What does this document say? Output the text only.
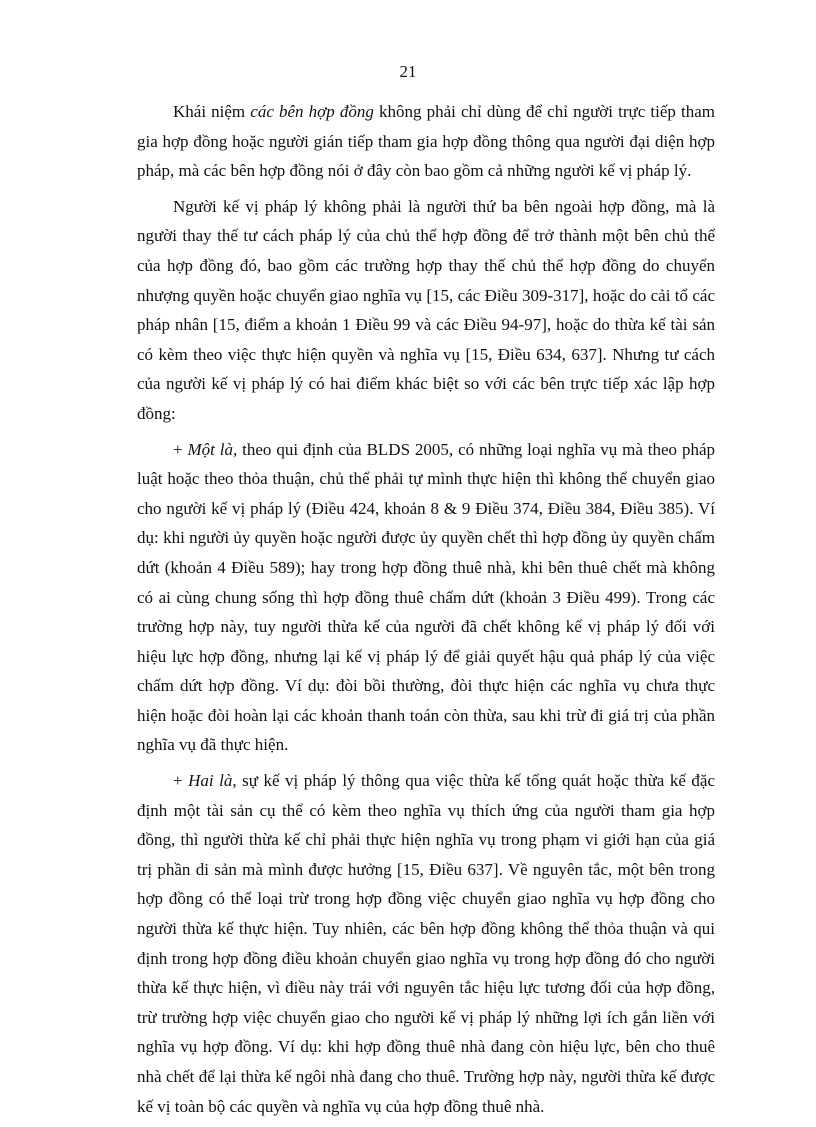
21

Khái niệm các bên hợp đồng không phải chỉ dùng để chỉ người trực tiếp tham gia hợp đồng hoặc người gián tiếp tham gia hợp đồng thông qua người đại diện hợp pháp, mà các bên hợp đồng nói ở đây còn bao gồm cả những người kế vị pháp lý.

Người kế vị pháp lý không phải là người thứ ba bên ngoài hợp đồng, mà là người thay thế tư cách pháp lý của chủ thể hợp đồng để trở thành một bên chủ thể của hợp đồng đó, bao gồm các trường hợp thay thế chủ thể hợp đồng do chuyển nhượng quyền hoặc chuyển giao nghĩa vụ [15, các Điều 309-317], hoặc do cải tổ các pháp nhân [15, điểm a khoản 1 Điều 99 và các Điều 94-97], hoặc do thừa kế tài sản có kèm theo việc thực hiện quyền và nghĩa vụ [15, Điều 634, 637]. Nhưng tư cách của người kế vị pháp lý có hai điểm khác biệt so với các bên trực tiếp xác lập hợp đồng:

+ Một là, theo qui định của BLDS 2005, có những loại nghĩa vụ mà theo pháp luật hoặc theo thỏa thuận, chủ thể phải tự mình thực hiện thì không thể chuyển giao cho người kế vị pháp lý (Điều 424, khoản 8 & 9 Điều 374, Điều 384, Điều 385). Ví dụ: khi người ủy quyền hoặc người được ủy quyền chết thì hợp đồng ủy quyền chấm dứt (khoản 4 Điều 589); hay trong hợp đồng thuê nhà, khi bên thuê chết mà không có ai cùng chung sống thì hợp đồng thuê chấm dứt (khoản 3 Điều 499). Trong các trường hợp này, tuy người thừa kế của người đã chết không kế vị pháp lý đối với hiệu lực hợp đồng, nhưng lại kế vị pháp lý để giải quyết hậu quả pháp lý của việc chấm dứt hợp đồng. Ví dụ: đòi bồi thường, đòi thực hiện các nghĩa vụ chưa thực hiện hoặc đòi hoàn lại các khoản thanh toán còn thừa, sau khi trừ đi giá trị của phần nghĩa vụ đã thực hiện.

+ Hai là, sự kế vị pháp lý thông qua việc thừa kế tổng quát hoặc thừa kế đặc định một tài sản cụ thể có kèm theo nghĩa vụ thích ứng của người tham gia hợp đồng, thì người thừa kế chỉ phải thực hiện nghĩa vụ trong phạm vi giới hạn của giá trị phần di sản mà mình được hưởng [15, Điều 637]. Về nguyên tắc, một bên trong hợp đồng có thể loại trừ trong hợp đồng việc chuyển giao nghĩa vụ hợp đồng cho người thừa kế thực hiện. Tuy nhiên, các bên hợp đồng không thể thỏa thuận và qui định trong hợp đồng điều khoản chuyển giao nghĩa vụ trong hợp đồng đó cho người thừa kế thực hiện, vì điều này trái với nguyên tắc hiệu lực tương đối của hợp đồng, trừ trường hợp việc chuyển giao cho người kế vị pháp lý những lợi ích gắn liền với nghĩa vụ hợp đồng. Ví dụ: khi hợp đồng thuê nhà đang còn hiệu lực, bên cho thuê nhà chết để lại thừa kế ngôi nhà đang cho thuê. Trường hợp này, người thừa kế được kế vị toàn bộ các quyền và nghĩa vụ của hợp đồng thuê nhà.
